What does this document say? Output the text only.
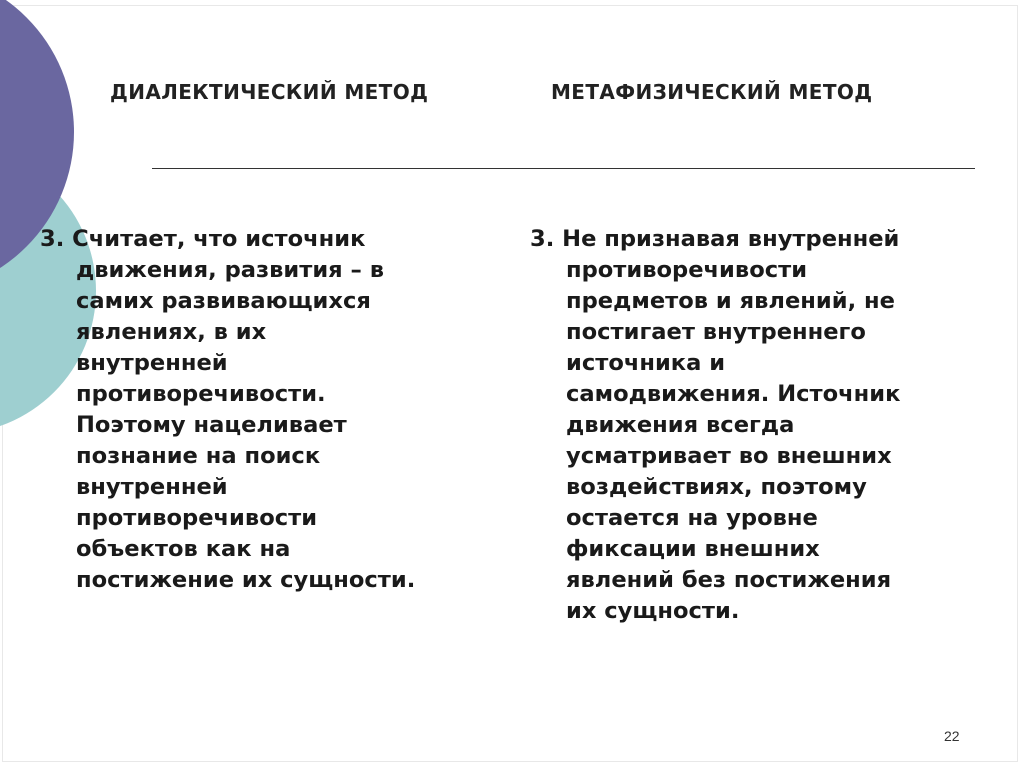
ДИАЛЕКТИЧЕСКИЙ МЕТОД	МЕТАФИЗИЧЕСКИЙ МЕТОД
3. Считает, что источник
движения, развития – в
самих развивающихся
явлениях, в их
внутренней
противоречивости.
Поэтому нацеливает
познание на поиск
внутренней
противоречивости
объектов как на
постижение их сущности.
3. Не признавая внутренней
противоречивости
предметов и явлений, не
постигает внутреннего
источника и
самодвижения. Источник
движения всегда
усматривает во внешних
воздействиях, поэтому
остается на уровне
фиксации внешних
явлений без постижения
их сущности.
22
